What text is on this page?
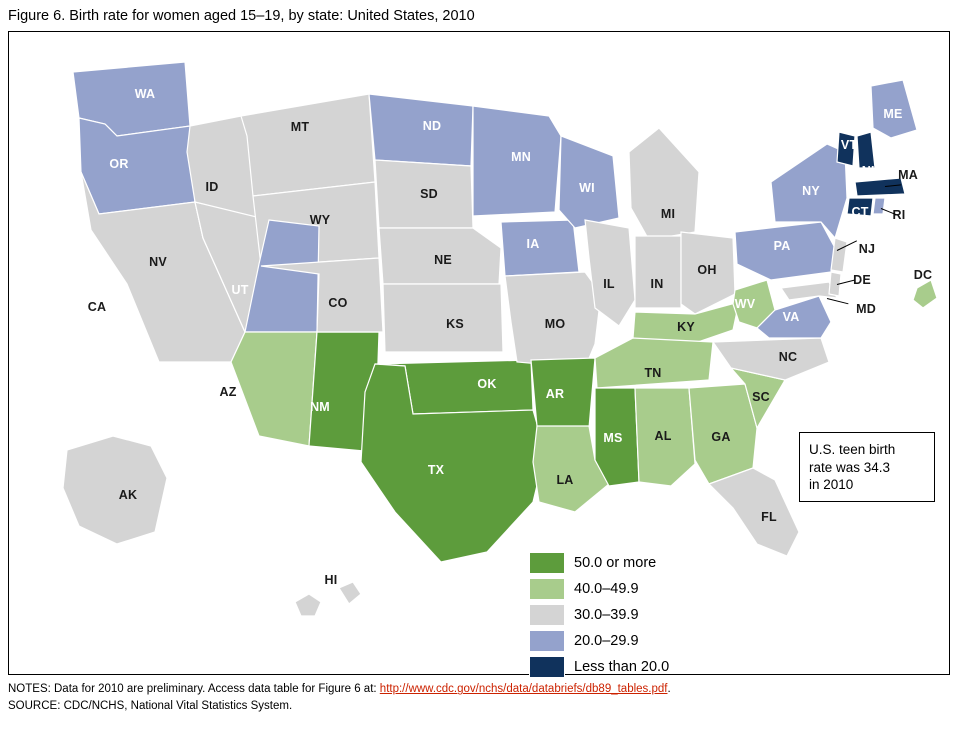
Figure 6. Birth rate for women aged 15–19, by state: United States, 2010
WA
OR
CA
NV
ID
MT
WY
UT
AZ
NM
CO
ND
SD
NE
KS
OK
TX
MN
IA
MO
AR
LA
WI
IL
MI
IN
OH
KY
TN
MS	AL	GA
SC
NC
FL
WV
VA
MD
DE	DC
PA	NJ
NY
CT RI
MA
VT
NH
ME
AK
HI
U.S. teen birth
rate was 34.3
in 2010
50.0 or more
40.0–49.9
30.0–39.9
20.0–29.9
Less than 20.0
NOTES: Data for 2010 are preliminary. Access data table for Figure 6 at: http://www.cdc.gov/nchs/data/databriefs/db89_tables.pdf.
SOURCE: CDC/NCHS, National Vital Statistics System.
